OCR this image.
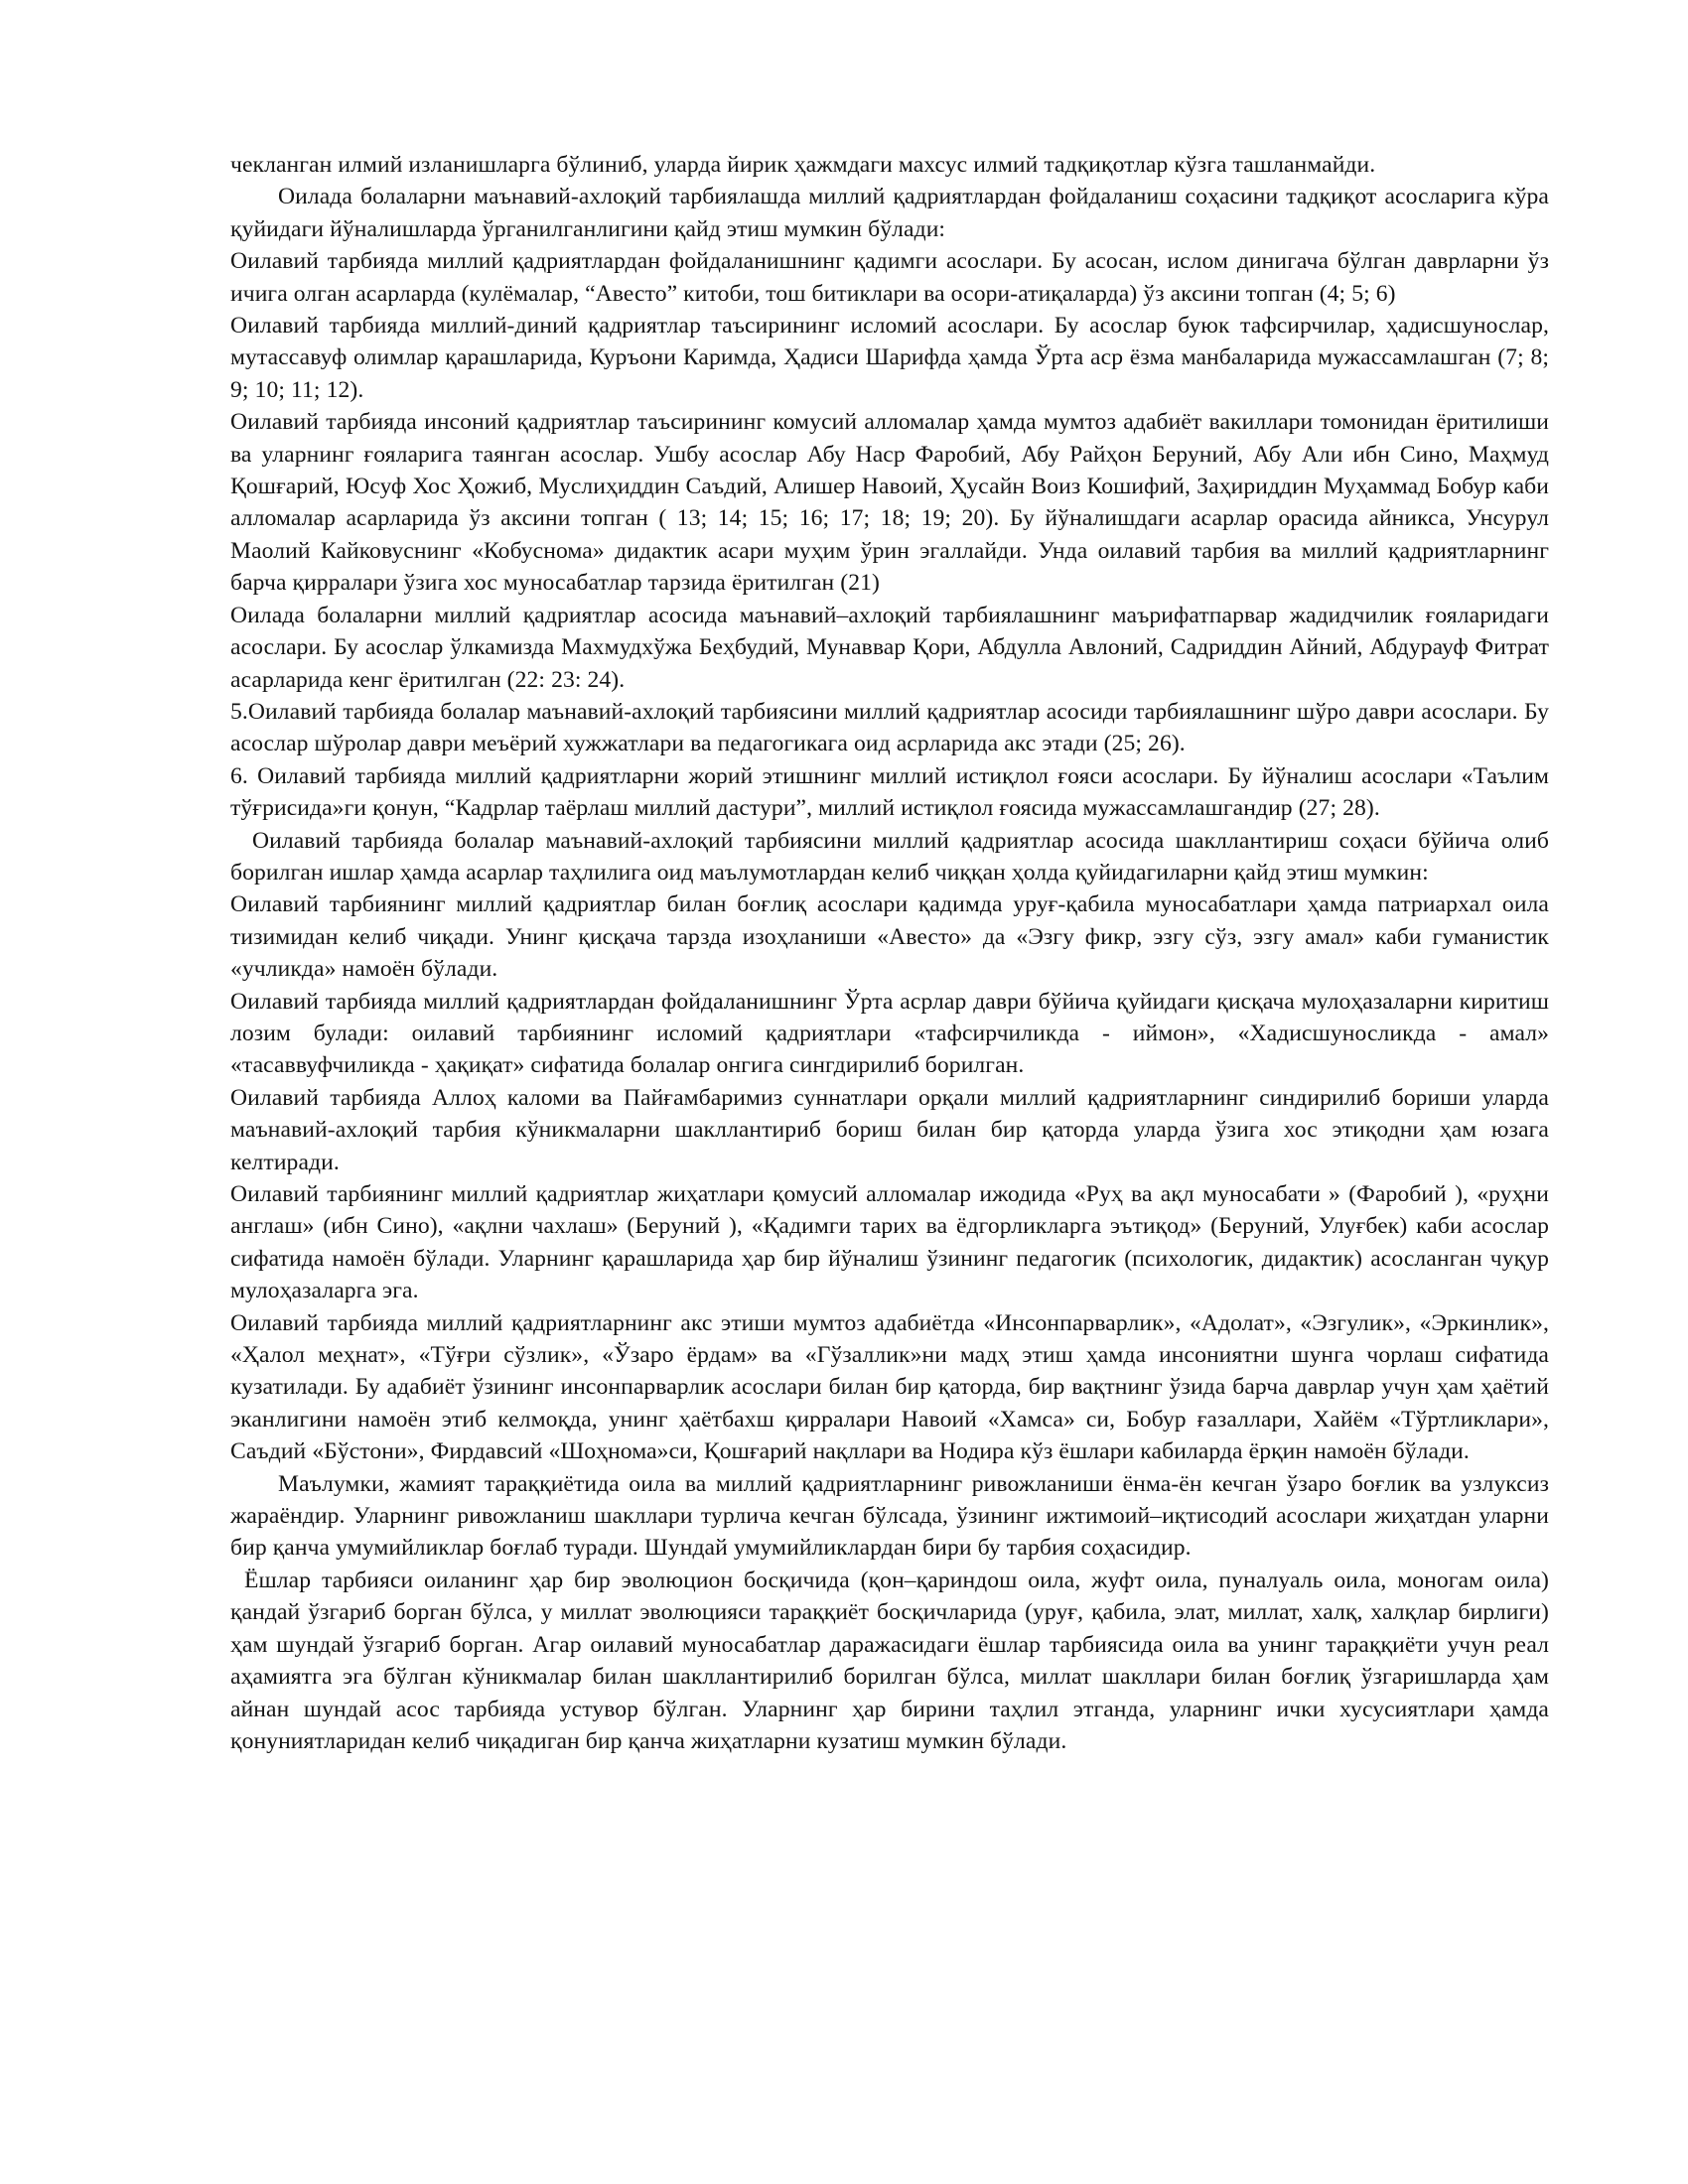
чекланган илмий изланишларга бўлиниб, уларда йирик ҳажмдаги махсус илмий тадқиқотлар кўзга ташланмайди.

Оилада болаларни маънавий-ахлоқий тарбиялашда миллий қадриятлардан фойдаланиш соҳасини тадқиқот асосларига кўра қуйидаги йўналишларда ўрганилганлигини қайд этиш мумкин бўлади:

Оилавий тарбияда миллий қадриятлардан фойдаланишнинг қадимги асослари. Бу асосан, ислом динигача бўлган даврларни ўз ичига олган асарларда (кулёмалар, “Авесто” китоби, тош битиклари ва осори-атиқаларда) ўз аксини топган (4; 5; 6)

Оилавий тарбияда миллий-диний қадриятлар таъсирининг исломий асослари. Бу асослар буюк тафсирчилар, ҳадисшунослар, мутассавуф олимлар қарашларида, Куръони Каримда, Ҳадиси Шарифда ҳамда Ўрта аср ёзма манбаларида мужассамлашган (7; 8; 9; 10; 11; 12).

Оилавий тарбияда инсоний қадриятлар таъсирининг комусий алломалар ҳамда мумтоз адабиёт вакиллари томонидан ёритилиши ва уларнинг ғояларига таянган асослар. Ушбу асослар Абу Наср Фаробий, Абу Райҳон Беруний, Абу Али ибн Сино, Маҳмуд Қошғарий, Юсуф Хос Ҳожиб, Муслиҳиддин Саъдий, Алишер Навоий, Ҳусайн Воиз Кошифий, Заҳириддин Муҳаммад Бобур каби алломалар асарларида ўз аксини топган ( 13; 14; 15; 16; 17; 18; 19; 20). Бу йўналишдаги асарлар орасида айникса, Унсурул Маолий Кайковуснинг «Кобуснома» дидактик асари муҳим ўрин эгаллайди. Унда оилавий тарбия ва миллий қадриятларнинг барча қирралари ўзига хос муносабатлар тарзида ёритилган (21)

Оилада болаларни миллий қадриятлар асосида маънавий–ахлоқий тарбиялашнинг маърифатпарвар жадидчилик ғояларидаги асослари. Бу асослар ўлкамизда Махмудхўжа Беҳбудий, Мунаввар Қори, Абдулла Авлоний, Садриддин Айний, Абдурауф Фитрат асарларида кенг ёритилган (22: 23: 24).

5.Оилавий тарбияда болалар маънавий-ахлоқий тарбиясини миллий қадриятлар асосиди тарбиялашнинг шўро даври асослари. Бу асослар шўролар даври меъёрий хужжатлари ва педагогикага оид асрларида акс этади (25; 26).

6. Оилавий тарбияда миллий қадриятларни жорий этишнинг миллий истиқлол ғояси асослари. Бу йўналиш асослари «Таълим тўғрисида»ги қонун, “Кадрлар таёрлаш миллий дастури”, миллий истиқлол ғоясида мужассамлашгандир (27; 28).

Оилавий тарбияда болалар маънавий-ахлоқий тарбиясини миллий қадриятлар асосида шакллантириш соҳаси бўйича олиб борилган ишлар ҳамда асарлар таҳлилига оид маълумотлардан келиб чиққан ҳолда қуйидагиларни қайд этиш мумкин:

Оилавий тарбиянинг миллий қадриятлар билан боғлиқ асослари қадимда уруғ-қабила муносабатлари ҳамда патриархал оила тизимидан келиб чиқади. Унинг қисқача тарзда изоҳланиши «Авесто» да «Эзгу фикр, эзгу сўз, эзгу амал» каби гуманистик «учликда» намоён бўлади.

Оилавий тарбияда миллий қадриятлардан фойдаланишнинг Ўрта асрлар даври бўйича қуйидаги қисқача мулоҳазаларни киритиш лозим булади: оилавий тарбиянинг исломий қадриятлари «тафсирчиликда - иймон», «Хадисшуносликда - амал» «тасаввуфчиликда - ҳақиқат» сифатида болалар онгига сингдирилиб борилган.

Оилавий тарбияда Аллоҳ каломи ва Пайғамбаримиз суннатлари орқали миллий қадриятларнинг синдирилиб бориши уларда маънавий-ахлоқий тарбия кўникмаларни шакллантириб бориш билан бир қаторда уларда ўзига хос этиқодни ҳам юзага келтиради.

Оилавий тарбиянинг миллий қадриятлар жиҳатлари қомусий алломалар ижодида «Руҳ ва ақл муносабати » (Фаробий ), «руҳни англаш» (ибн Сино), «ақлни чахлаш» (Беруний ), «Қадимги тарих ва ёдгорликларга эътиқод» (Беруний, Улуғбек) каби асослар сифатида намоён бўлади. Уларнинг қарашларида ҳар бир йўналиш ўзининг педагогик (психологик, дидактик) асосланган чуқур мулоҳазаларга эга.

Оилавий тарбияда миллий қадриятларнинг акс этиши мумтоз адабиётда «Инсонпарварлик», «Адолат», «Эзгулик», «Эркинлик», «Ҳалол меҳнат», «Тўғри сўзлик», «Ўзаро ёрдам» ва «Гўзаллик»ни мадҳ этиш ҳамда инсониятни шунга чорлаш сифатида кузатилади. Бу адабиёт ўзининг инсонпарварлик асослари билан бир қаторда, бир вақтнинг ўзида барча даврлар учун ҳам ҳаётий эканлигини намоён этиб келмоқда, унинг ҳаётбахш қирралари Навоий «Хамса» си, Бобур ғазаллари, Хайём «Тўртликлари», Саъдий «Бўстони», Фирдавсий «Шоҳнома»си, Қошғарий нақллари ва Нодира кўз ёшлари кабиларда ёрқин намоён бўлади.

Маълумки, жамият тараққиётида оила ва миллий қадриятларнинг ривожланиши ёнма-ён кечган ўзаро боғлик ва узлуксиз жараёндир. Уларнинг ривожланиш шакллари турлича кечган бўлсада, ўзининг ижтимоий–иқтисодий асослари жиҳатдан уларни бир қанча умумийликлар боғлаб туради. Шундай умумийликлардан бири бу тарбия соҳасидир.

Ёшлар тарбияси оиланинг ҳар бир эволюцион босқичида (қон–қариндош оила, жуфт оила, пуналуаль оила, моногам оила) қандай ўзгариб борган бўлса, у миллат эволюцияси тараққиёт босқичларида (уруғ, қабила, элат, миллат, халқ, халқлар бирлиги) ҳам шундай ўзгариб борган. Агар оилавий муносабатлар даражасидаги ёшлар тарбиясида оила ва унинг тараққиёти учун реал аҳамиятга эга бўлган кўникмалар билан шакллантирилиб борилган бўлса, миллат шакллари билан боғлиқ ўзгаришларда ҳам айнан шундай асос тарбияда устувор бўлган. Уларнинг ҳар бирини таҳлил этганда, уларнинг ички хусусиятлари ҳамда қонуниятларидан келиб чиқадиган бир қанча жиҳатларни кузатиш мумкин бўлади.
